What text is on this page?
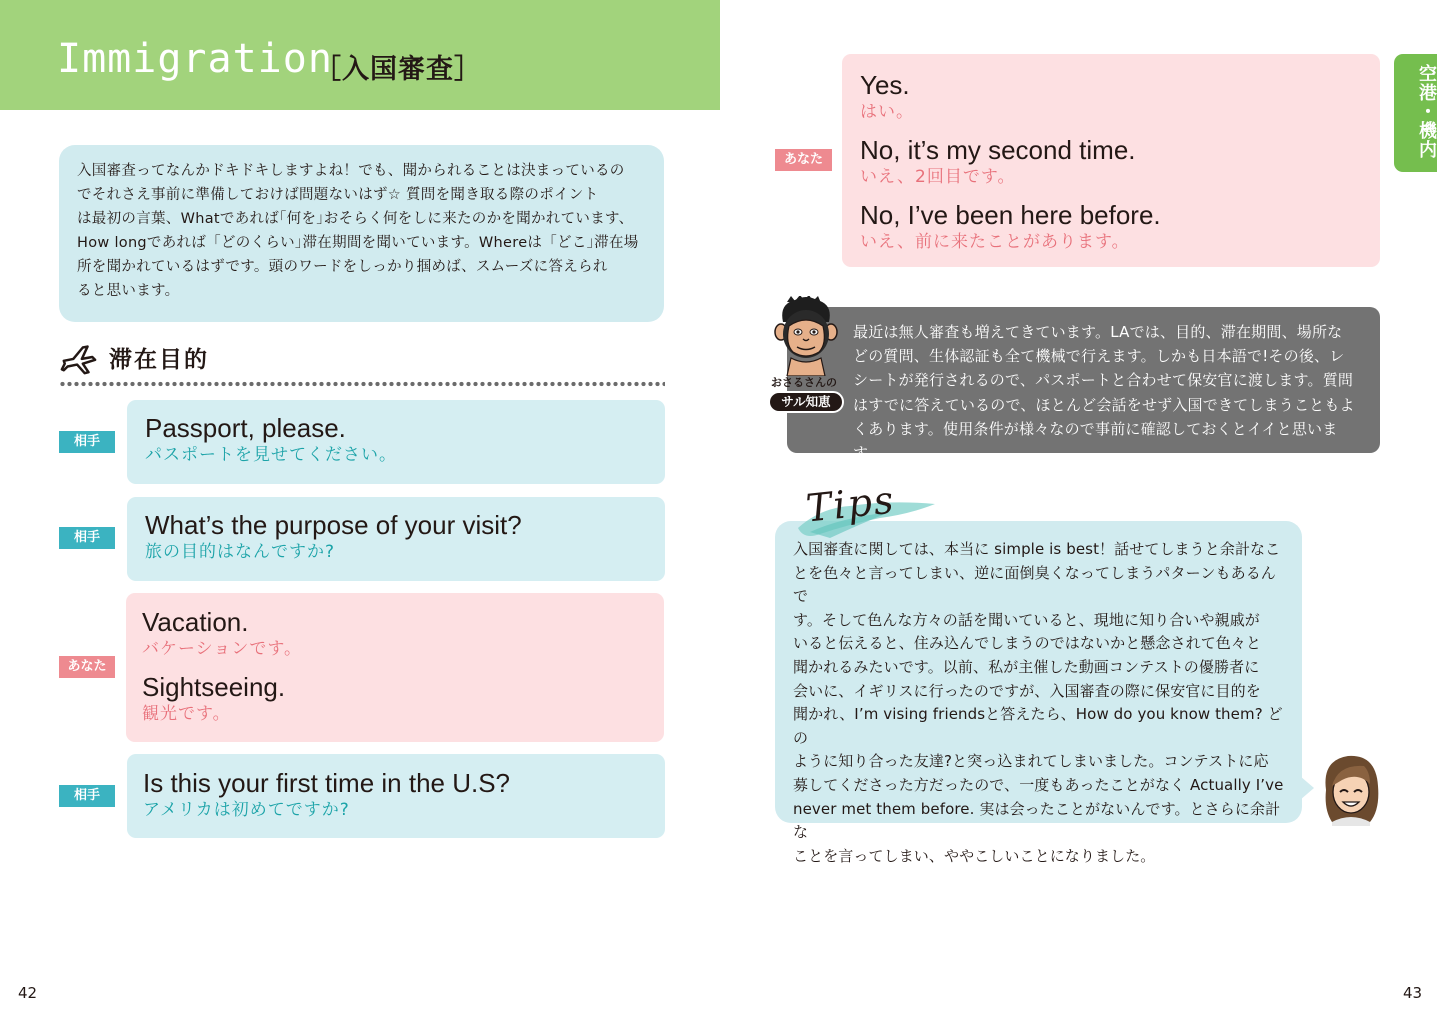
Immigration
［入国審査］
入国審査ってなんかドキドキしますよね！でも、聞かられることは決まっているの
でそれさえ事前に準備しておけば問題ないはず☆ 質問を聞き取る際のポイント
は最初の言葉、Whatであれば｢何を｣おそらく何をしに来たのかを聞かれています、
How longであれば「どのくらい｣滞在期間を聞いています。Whereは「どこ｣滞在場
所を聞かれているはずです。頭のワードをしっかり掴めば、スムーズに答えられ
ると思います。
滞在目的
相手	Passport, please.
パスポートを見せてください。
相手	What’s the purpose of your visit?
旅の目的はなんですか?
あなた
Vacation.
バケーションです。
Sightseeing.
観光です。
相手	Is this your first time in the U.S?
アメリカは初めてですか?
42
あなた
Yes.
はい。
No, it’s my second time.
いえ、2回目です。
No, I’ve been here before.
いえ、前に来たことがあります。
空港・機内
最近は無人審査も増えてきています。LAでは、目的、滞在期間、場所な
どの質問、生体認証も全て機械で行えます。しかも日本語で!その後、レ
シートが発行されるので、パスポートと合わせて保安官に渡します。質問
はすでに答えているので、ほとんど会話をせず入国できてしまうこともよ
くあります。使用条件が様々なので事前に確認しておくとイイと思います。
おさるさんの
サル知恵
入国審査に関しては、本当に simple is best！話せてしまうと余計なこ
とを色々と言ってしまい、逆に面倒臭くなってしまうパターンもあるんで
す。そして色んな方々の話を聞いていると、現地に知り合いや親戚が
いると伝えると、住み込んでしまうのではないかと懸念されて色々と
聞かれるみたいです。以前、私が主催した動画コンテストの優勝者に
会いに、イギリスに行ったのですが、入国審査の際に保安官に目的を
聞かれ、I’m vising friendsと答えたら、How do you know them? どの
ように知り合った友達?と突っ込まれてしまいました。コンテストに応
募してくださった方だったので、一度もあったことがなく Actually I’ve
never met them before. 実は会ったことがないんです。とさらに余計な
ことを言ってしまい、ややこしいことになりました。
Tips
43
